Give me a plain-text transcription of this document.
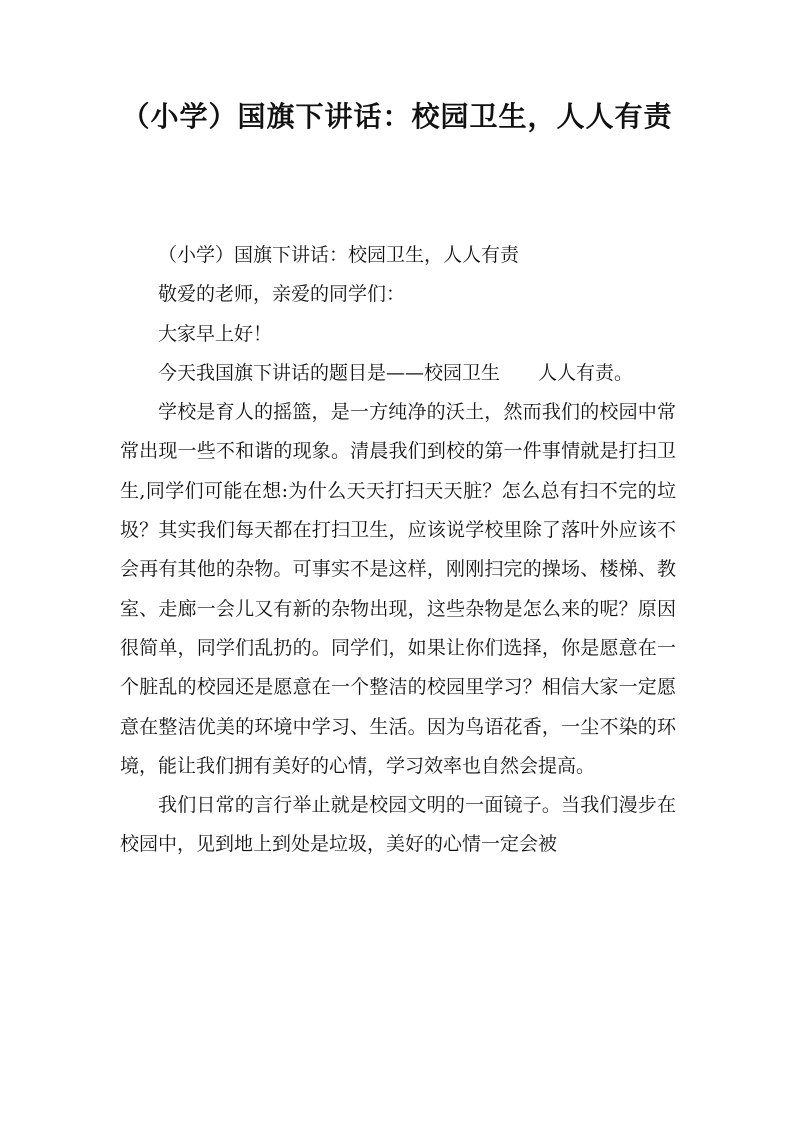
（小学）国旗下讲话：校园卫生，人人有责

（小学）国旗下讲话：校园卫生，人人有责

敬爱的老师，亲爱的同学们：

大家早上好！

今天我国旗下讲话的题目是——校园卫生　　人人有责。

学校是育人的摇篮，是一方纯净的沃土，然而我们的校园中常常出现一些不和谐的现象。清晨我们到校的第一件事情就是打扫卫生,同学们可能在想:为什么天天打扫天天脏？怎么总有扫不完的垃圾？其实我们每天都在打扫卫生，应该说学校里除了落叶外应该不会再有其他的杂物。可事实不是这样，刚刚扫完的操场、楼梯、教室、走廊一会儿又有新的杂物出现，这些杂物是怎么来的呢？原因很简单，同学们乱扔的。同学们，如果让你们选择，你是愿意在一个脏乱的校园还是愿意在一个整洁的校园里学习？相信大家一定愿意在整洁优美的环境中学习、生活。因为鸟语花香，一尘不染的环境，能让我们拥有美好的心情，学习效率也自然会提高。

我们日常的言行举止就是校园文明的一面镜子。当我们漫步在校园中，见到地上到处是垃圾，美好的心情一定会被
